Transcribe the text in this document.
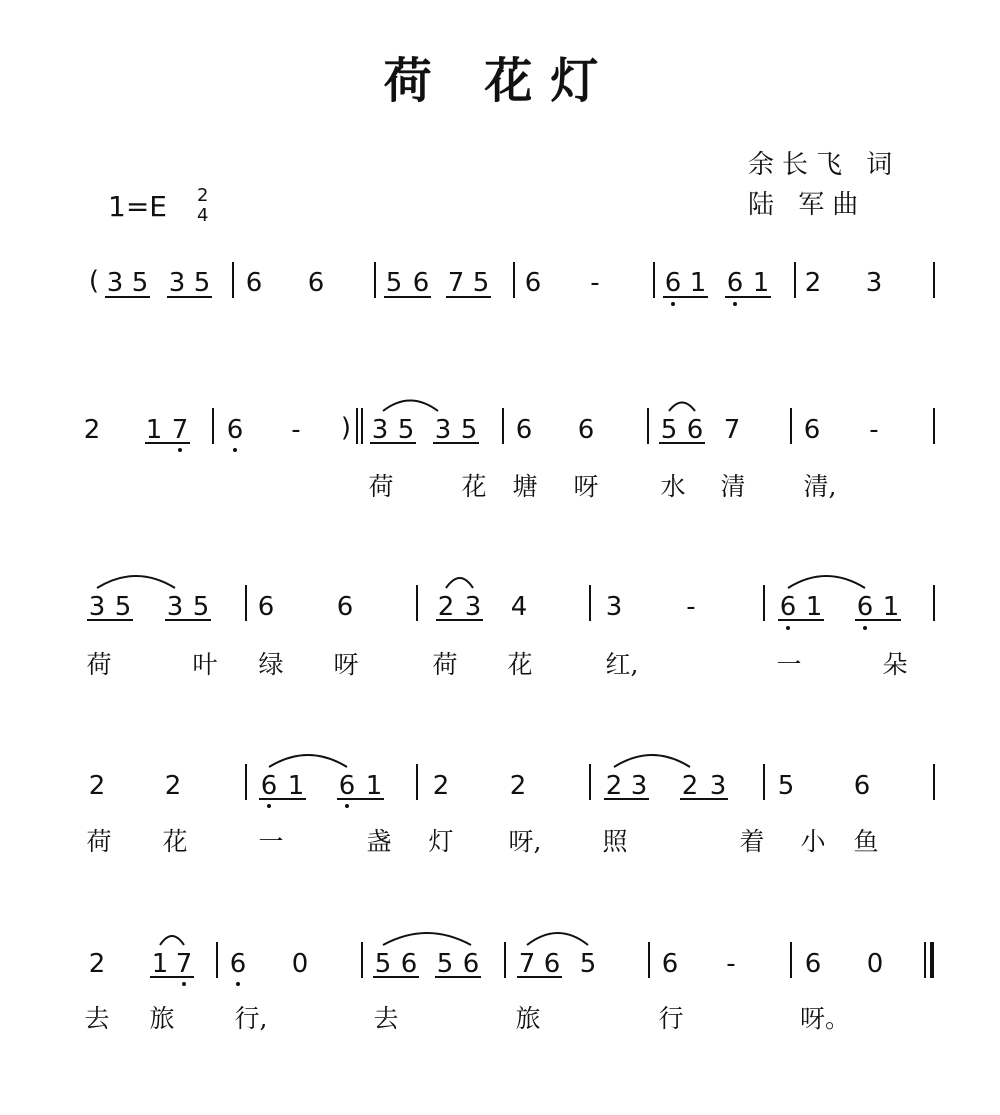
荷 花灯
余长飞 词
陆 军曲
1=E 2
4
( 3 5 3 5 6 6 5 6 7 5 6 -	6 1 6 1 2 3
2 1 7 6 - ) 3 5 3 5 6 6	5 6 7 6 -
荷	花 塘 呀 水 清 清,
3 5 3 5 6 6	2 3 4	3 -	6 1 6 1
荷	叶 绿 呀	荷 花	红,	一	朵
2 2	6 1 6 1 2 2	2 3 2 3 5 6
荷 花	一	盏 灯 呀, 照	着 小 鱼
2 1 7 6 0	5 6 5 6 7 6 5	6 -	6 0
去 旅 行,	去	旅	行	呀。
